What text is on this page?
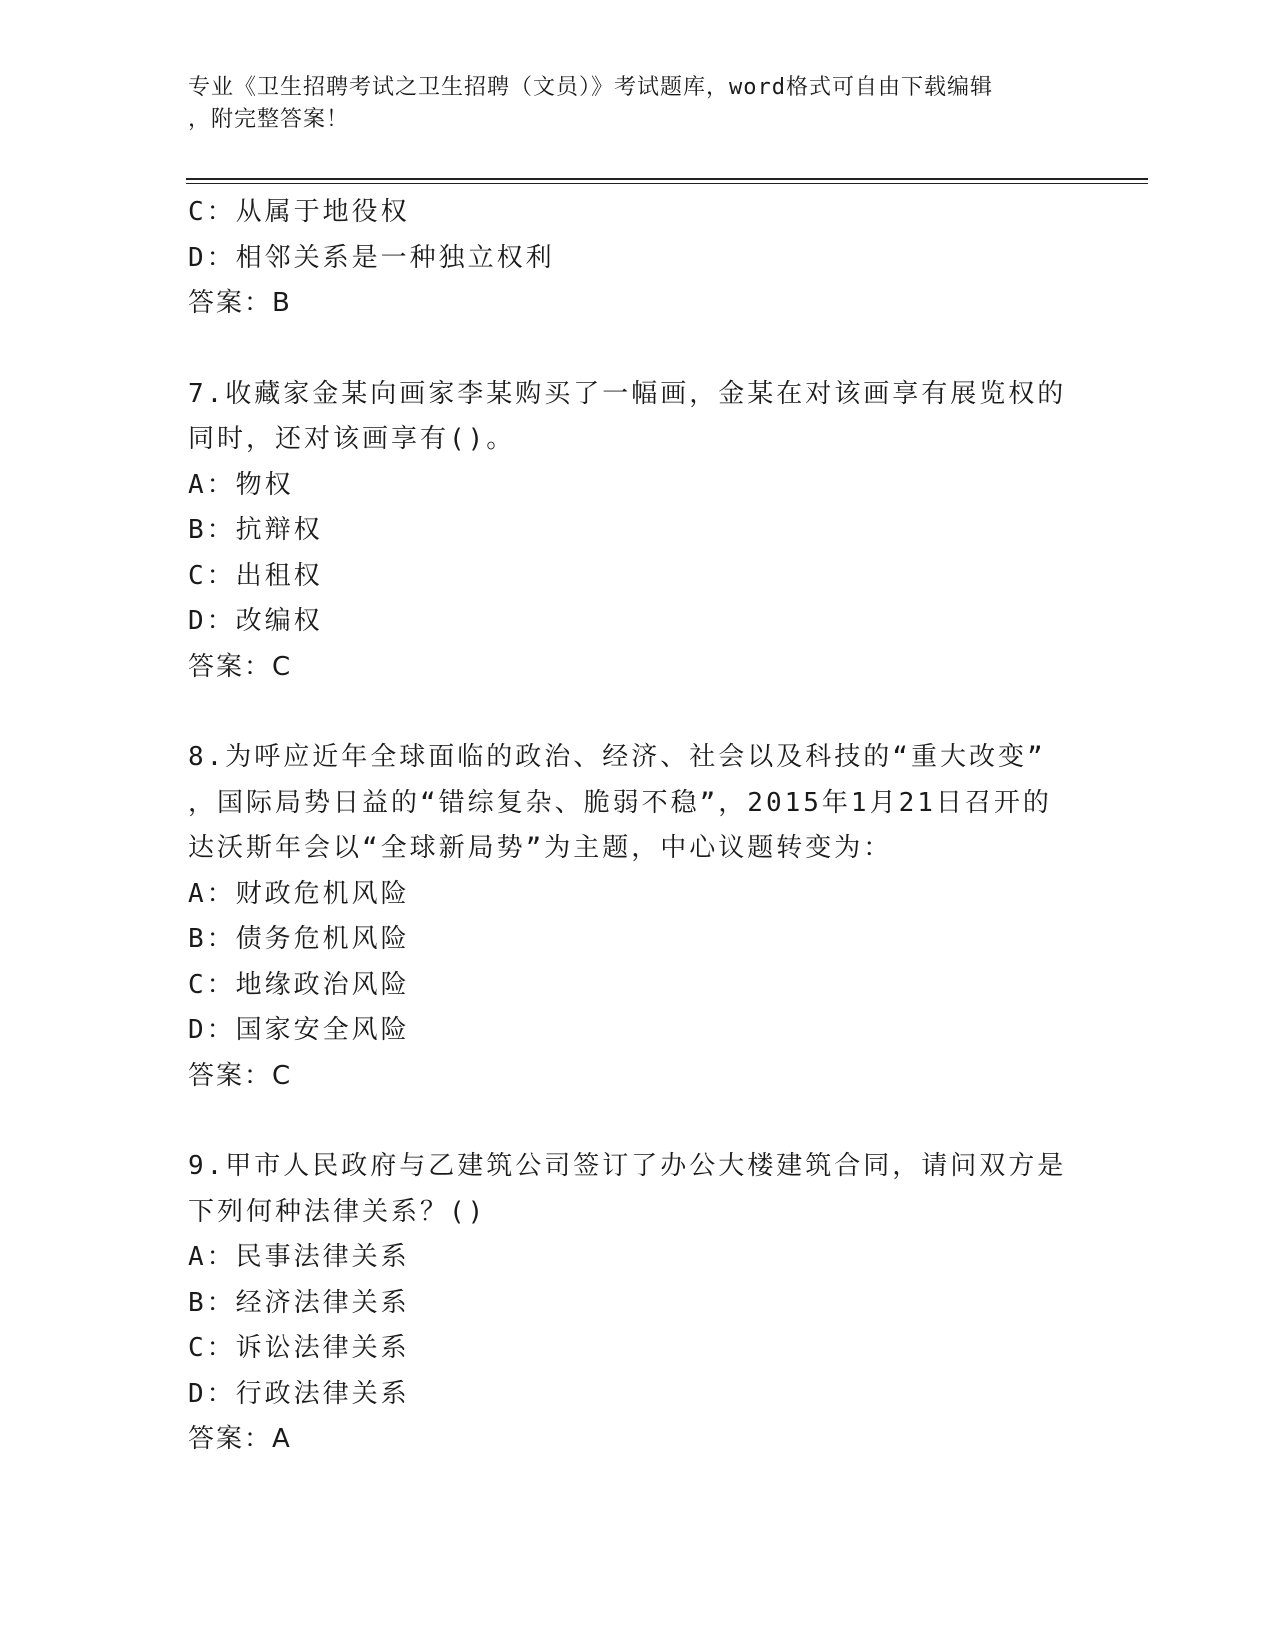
专业《卫生招聘考试之卫生招聘（文员）》考试题库，word格式可自由下载编辑
，附完整答案！
C：从属于地役权
D：相邻关系是一种独立权利
答案：B
7.收藏家金某向画家李某购买了一幅画，金某在对该画享有展览权的
同时，还对该画享有()。
A：物权
B：抗辩权
C：出租权
D：改编权
答案：C
8.为呼应近年全球面临的政治、经济、社会以及科技的“重大改变”
，国际局势日益的“错综复杂、脆弱不稳”，2015年1月21日召开的
达沃斯年会以“全球新局势”为主题，中心议题转变为：
A：财政危机风险
B：债务危机风险
C：地缘政治风险
D：国家安全风险
答案：C
9.甲市人民政府与乙建筑公司签订了办公大楼建筑合同，请问双方是
下列何种法律关系？()
A：民事法律关系
B：经济法律关系
C：诉讼法律关系
D：行政法律关系
答案：A
